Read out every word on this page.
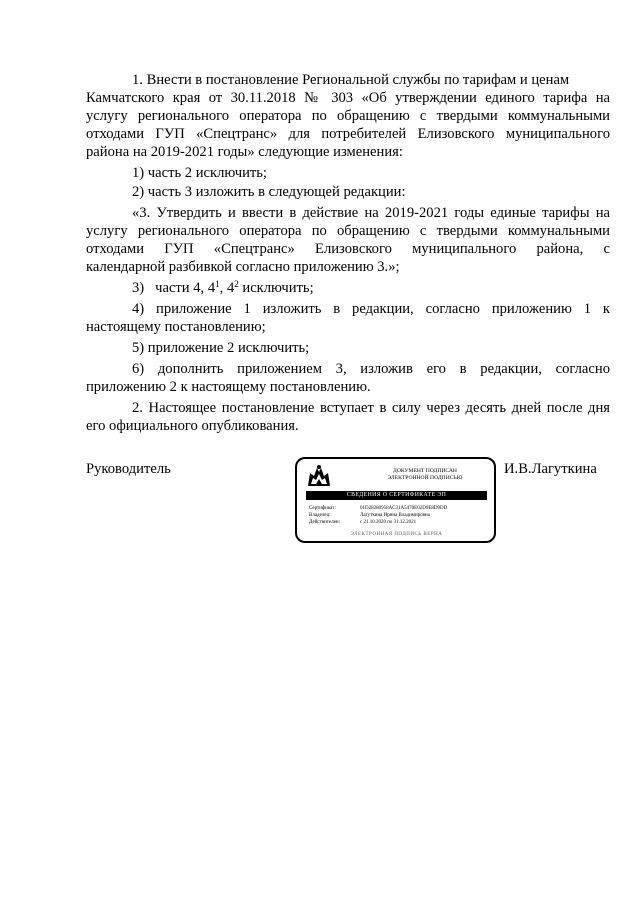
1. Внести в постановление Региональной службы по тарифам и ценам
Камчатского края от 30.11.2018 № 303 «Об утверждении единого тарифа на
услугу регионального оператора по обращению с твердыми коммунальными
отходами ГУП «Спецтранс» для потребителей Елизовского муниципального
района на 2019-2021 годы» следующие изменения:
1) часть 2 исключить;
2) часть 3 изложить в следующей редакции:
«3. Утвердить и ввести в действие на 2019-2021 годы единые тарифы на
услугу регионального оператора по обращению с твердыми коммунальными
отходами ГУП «Спецтранс» Елизовского муниципального района, с
календарной разбивкой согласно приложению 3.»;
3) части 4, $4^1$, $4^2$ исключить;
4) приложение 1 изложить в редакции, согласно приложению 1 к
настоящему постановлению;
5) приложение 2 исключить;
6) дополнить приложением 3, изложив его в редакции, согласно
приложению 2 к настоящему постановлению.
2. Настоящее постановление вступает в силу через десять дней после дня
его официального опубликования.
Руководитель	И.В.Лагуткина
ДОКУМЕНТ ПОДПИСАН
ЭЛЕКТРОННОЙ ПОДПИСЬЮ
СВЕДЕНИЯ О СЕРТИФИКАТЕ ЭП
Сертификат:	01D28280958AC31A5470E02D9E8D9DD
Владелец:	Лагуткина Ирина Владимировна
Действителен:	с 21.10.2020 по 31.12.2021
ЭЛЕКТРОННАЯ ПОДПИСЬ ВЕРНА
